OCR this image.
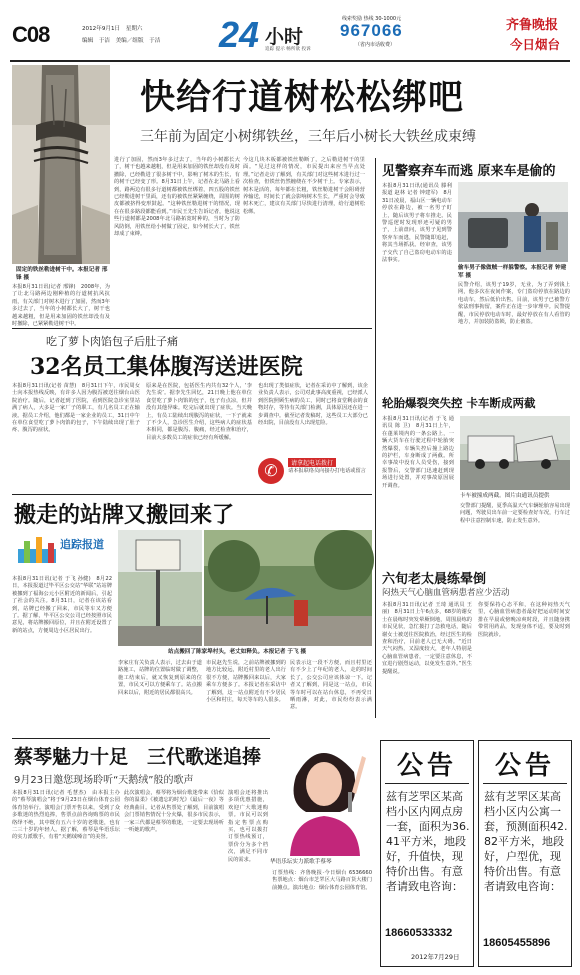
C08	2012年9月1日　星期六
编辑　于洁　美编／组版　于洁 24 小时
追踪 提示 畅所欲 投诉
线索奖励 热线 30-1000元
967066
（省内市话收费）
齐鲁晚报
今日烟台
固定的铁丝勒进树干中。本报记者 邢锋 摄
本报8月31日讯(记者 邢锋)　2008年，为了让北马路两边刚种植的行道树抗风抗雨，有关部门对树木进行了加固，然而3年多过去了，当年的小树都长大了，树干也越来越粗，但是用来加固的铁丝却没有及时撤除，已紧紧勒进树干中。
快给行道树松松绑吧
三年前为固定小树绑铁丝，三年后小树长大铁丝成束缚
进行了加固，然而3年多过去了，当年的小树都长大了，树干也越来越粗，但是用来加固的铁丝却没有及时撤除，已经勒进了很多树干中，影响了树木的生长，有的树干已经变了形。8月31日上午，记者在北马路上看到，路两边有很多行道树都被铁丝绑着，四五股的铁丝已经勒进树干里面，还有的被铁丝紧紧缠绕，周围的树皮都被挤得变形鼓起。“这种铁丝勒进树干的情况，现在在很多路段都能看到。”市民王先生告诉记者，他说这些行道树都是2008年北马路拓宽时种的，当时为了防风防倒，用铁丝给小树做了固定，如今树长大了，铁丝却成了束缚。
今这几块木板都被铁丝勒断了，之后勒进树干的里面。“见过这样的情况，市民提出来应当早点处理。”记者走访了解到，有关部门对这些树木进行过一次检查，但铁丝仍然缠绕在不少树干上。专家表示，树木是活的，每年都在长粗，铁丝勒进树干会阻碍营养输送，时间长了就会影响树木生长，严重时会导致树木死亡，建议有关部门尽快进行清理，给行道树松松绑。
见警察弃车而逃 原来车是偷的
本报8月31日讯(通讯员 滕利 报道 赵林 记者 钟建军)　8月31日凌晨，福山区一辆电动车停放在路边，被一名男子盯上，随后该男子将车推走。民警巡逻时发现形迹可疑的男子，上前盘问，该男子见到警察弃车而逃，民警随即追赶，将其当场抓获。经审查，该男子交代了自己盗窃电动车的违法事实。
偷车男子像做贼一样躲警察。本报记者 钟建军 摄
民警介绍，该男子19岁，无业，为了弄到钱上网，他多次在夜间作案，专门盗窃停放在路边的电动车，然后低价出售。目前，该男子已被警方依法刑事拘留，案件正在进一步审理中。民警提醒，市民停放电动车时，最好停放在有人看管的地方，并加装防盗锁，防止被盗。
吃了萝卜肉馅包子后肚子痛
32名员工集体腹泻送进医院
本报8月31日讯(记者 苗慧)　8月31日下午，市民周女士向本报热线反映，有许多人因为腹泻被送往烟台山医院治疗。随后，记者赶到了医院，看到医院急诊室里站满了病人，大多是一家厂子的职工，有几名员工正在输液。据员工介绍，他们都是一家企业的员工，31日中午在单位食堂吃了萝卜肉馅的包子，下午陆续出现了肚子疼、腹泻的症状。
原来是在医院，包括医生内共有32个人，‘李先生说’。据李先生回忆，21日晚上他在单位食堂吃了萝卜肉馅的包子，包子有点凉，但并没有其他异味。吃完后就出现了症状。当天晚上，有员工陆续出现腹泻的症状，一下子就来了不少人，急诊医生介绍，这些病人的症状基本相同，都是腹泻、腹痛，经过检查和治疗，目前大多数员工的症状已经有所缓解。
也出现了类似症状，记者在采访中了解到，该企业负责人表示，公司对此事高度重视，已经派人到医院照顾生病的员工，同时已将食堂剩余的食物封存，等待有关部门检测，具体原因还在进一步调查中。截至记者发稿时，这些员工大部分已经出院，目前没有人出现危险。
✆	请拿起电话拨打
请本报联络员向接办打电话或留言
轮胎爆裂突失控 卡车断成两截
本报8月31日讯(记者 于飞 通讯员 陈 卫)　8月31日上午，在蓬莱境内的一条公路上，一辆大货车在行驶过程中轮胎突然爆裂，车辆失控后撞上路边的护栏，车身断成了两截。所幸事故中没有人员受伤，接到报警后，交警部门迅速赶到现场进行处置，并对事故原因展开调查。
卡车被撞成两截。图片由通讯员提供
交警部门提醒，夏季高温天气车辆轮胎容易出现问题，驾驶员出车前一定要检查好车况，行车过程中注意控制车速，防止发生意外。
搬走的站牌又搬回来了
追踪报道
本报8月31日讯(记者 于飞 孙健)　8月22日，本报报道过毕平区公交站“华联”站站牌被挪到了福海公元小区附近的新闻后，引起了社会的关注。8月31日，记者在该站看到，站牌已经搬了回来，市民等车又方便了。据了解，毕平区公交公司已经按照市民意见，将站牌搬回原位，并且在附近设置了新的站点，方便周边小区居民出行。
站点搬回了陈家埠村头，老丈如释负。本报记者 于飞 摄
李家庄有关负责人表示，过去由于道路施工，站牌的位置临时做了调整，施工结束后，就又恢复到原来的位置，市民又可以方便乘车了。站点搬回来以后，附近的居民都很高兴。
市民赵先生说，之前站牌被挪到的地方比较远，附近村里的老人出行很不方便，站牌搬回来以后，大家乘车方便多了。本报记者在采访中了解到，这一站点附近有不少居民小区和村庄，每天等车的人很多。
民表示这一段不方便，而且村里还有不少上了年纪的老人，走的时间长了，公交公司应该体谅一下。记者又了解到，同是这一站点，市民等车时可以在站台休息，不再受日晒雨淋，对此，市民纷纷表示满意。
六旬老太晨练晕倒
闷热天气心脑血管病患者应少活动
本报8月31日讯(记者 王琦 通讯员 王丽)　8月31日上午6点多，68岁的谢女士在晨练时突发晕厥倒地，周围晨练的市民见状，急忙拨打了急救电话，随后谢女士被送往医院救治，经过医生的检查和治疗，目前老人已无大碍。“近日天气闷热，又湿度较大，老年人特别是心脑血管病患者，一定要注意休息，不宜进行剧烈运动，以免发生意外。”医生提醒说。
你要保持心态平和，在这种闷热天气里，心脑血管病患者最好把运动时间安排在早晨或傍晚凉爽时段，并且随身携带常用药品，发现身体不适，要及时到医院就诊。
蔡琴魅力十足　三代歌迷追捧
9月23日邀您现场聆听“天鹅绒”般的歌声
本报8月31日讯(记者 毛慧杰)　由本报主办的“蔡琴演唱会”将于9月23日在烟台体育公园体育馆举行。演唱会门票开售以来，受到了众多歌迷的热烈追捧，售票点前咨询购票的市民络绎不绝，其中既有五六十岁的老歌迷，也有二三十岁的年轻人。据了解，蔡琴是华语乐坛的实力派歌手，有着“天鹅绒嗓音”的美誉。
此次演唱会，蔡琴将为烟台歌迷带来《恰似你的温柔》《被遗忘的时光》《最后一夜》等经典曲目。记者从售票处了解到，目前演唱会门票销售情况十分火爆，很多市民表示，一家三代都是蔡琴的歌迷，一定要去现场听一听她的歌声。
演唱会还将推出多项优惠措施，欢迎广大歌迷购票。市民可以到指定售票点购买，也可以拨打订票热线预订，票价分为多个档次，满足不同市民的需求。	华语乐坛实力派歌手蔡琴
订票热线：齐鲁晚报·今日烟台 6536660 售票地点：烟台市芝罘区大马路百货大楼门前摊点。演出地点：烟台体育公园体育馆。
公告
兹有芝罘区某高档小区内网点房一套，面积为36.41平方米，地段好，升值快，现特价出售。有意者请致电咨询：
18660533332
2012年7月29日
公告
兹有芝罘区某高档小区内公寓一套，预测面积42.82平方米，地段好，户型优，现特价出售。有意者请致电咨询：
18605455896
